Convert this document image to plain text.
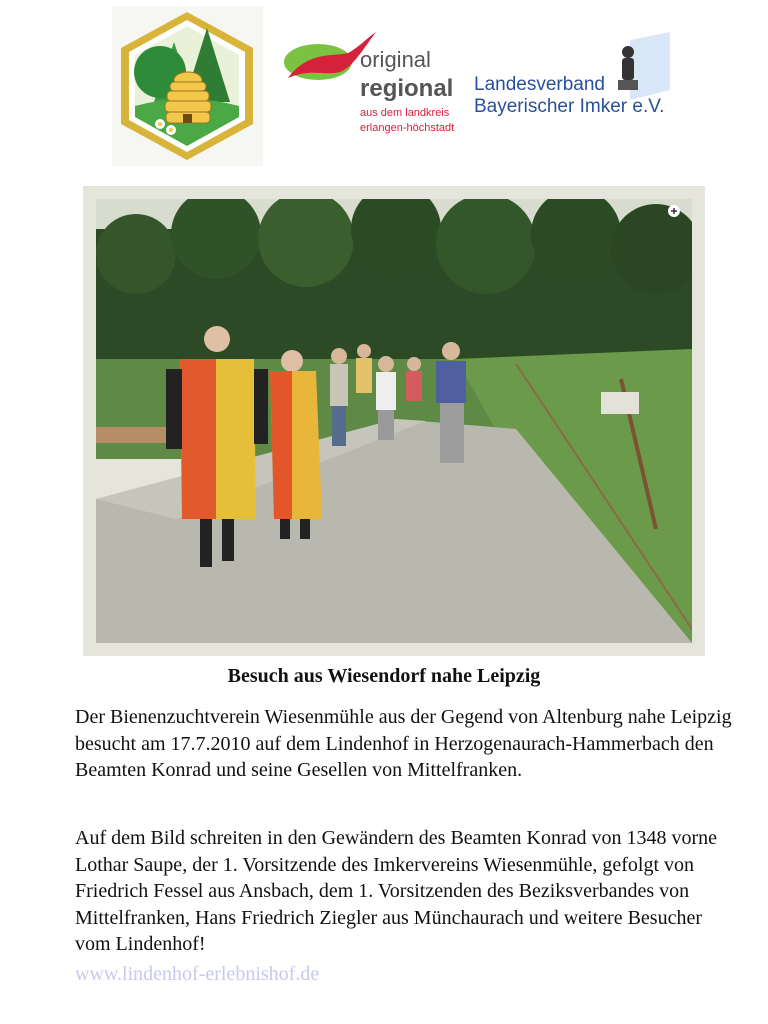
original
regional
aus dem landkreis
erlangen-höchstadt
Landesverband
Bayerischer Imker e.V.
Besuch aus Wiesendorf nahe Leipzig

Der Bienenzuchtverein Wiesenmühle aus der Gegend von Altenburg nahe Leipzig besucht am 17.7.2010 auf dem Lindenhof in Herzogenaurach-Hammerbach den Beamten Konrad und seine Gesellen von Mittelfranken.

Auf dem Bild schreiten in den Gewändern des Beamten Konrad von 1348 vorne Lothar Saupe, der 1. Vorsitzende des Imkervereins Wiesenmühle, gefolgt von Friedrich Fessel aus Ansbach, dem 1. Vorsitzenden des Beziksverbandes von Mittelfranken, Hans Friedrich Ziegler aus Münchaurach und weitere Besucher vom Lindenhof!

www.lindenhof-erlebnishof.de
